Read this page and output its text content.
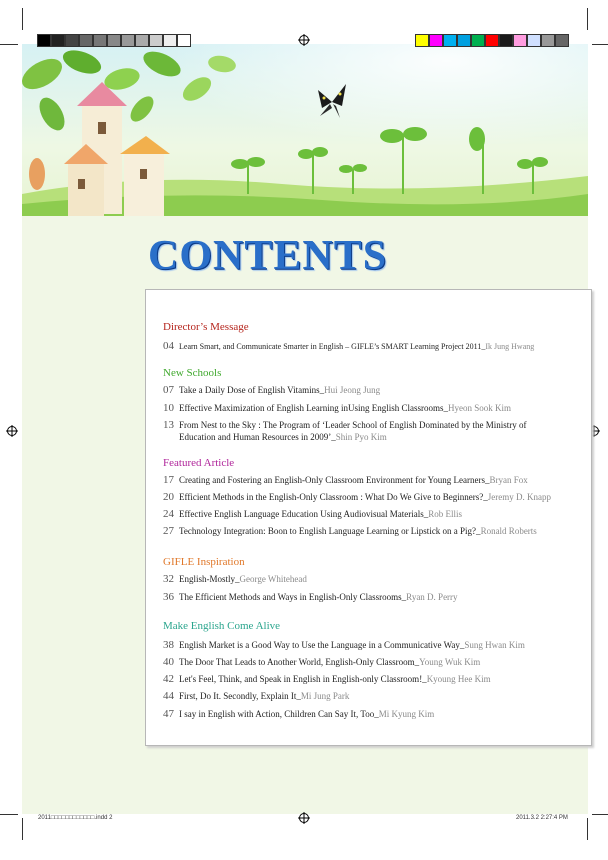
CONTENTS
Director’s Message
04 Learn Smart, and Communicate Smarter in English – GIFLE’s SMART Learning Project 2011_Ik Jung Hwang
New Schools
07 Take a Daily Dose of English Vitamins_Hui Jeong Jung
10 Effective Maximization of English Learning inUsing English Classrooms_Hyeon Sook Kim
13 From Nest to the Sky : The Program of ‘Leader School of English Dominated by the Ministry of
Education and Human Resources in 2009’_Shin Pyo Kim
Featured Article
17 Creating and Fostering an English-Only Classroom Environment for Young Learners_Bryan Fox
20 Efficient Methods in the English-Only Classroom : What Do We Give to Beginners?_Jeremy D. Knapp
24 Effective English Language Education Using Audiovisual Materials_Rob Ellis
27 Technology Integration: Boon to English Language Learning or Lipstick on a Pig?_Ronald Roberts
GIFLE Inspiration
32 English-Mostly_George Whitehead
36 The Efficient Methods and Ways in English-Only Classrooms_Ryan D. Perry
Make English Come Alive
38 English Market is a Good Way to Use the Language in a Communicative Way_Sung Hwan Kim
40 The Door That Leads to Another World, English-Only Classroom_Young Wuk Kim
42 Let's Feel, Think, and Speak in English in English-only Classroom!_Kyoung Hee Kim
44 First, Do It. Secondly, Explain It_Mi Jung Park
47 I say in English with Action, Children Can Say It, Too_Mi Kyung Kim
2011□□□□□□□□□□□□.indd 2	2011.3.2 2:27:4 PM
